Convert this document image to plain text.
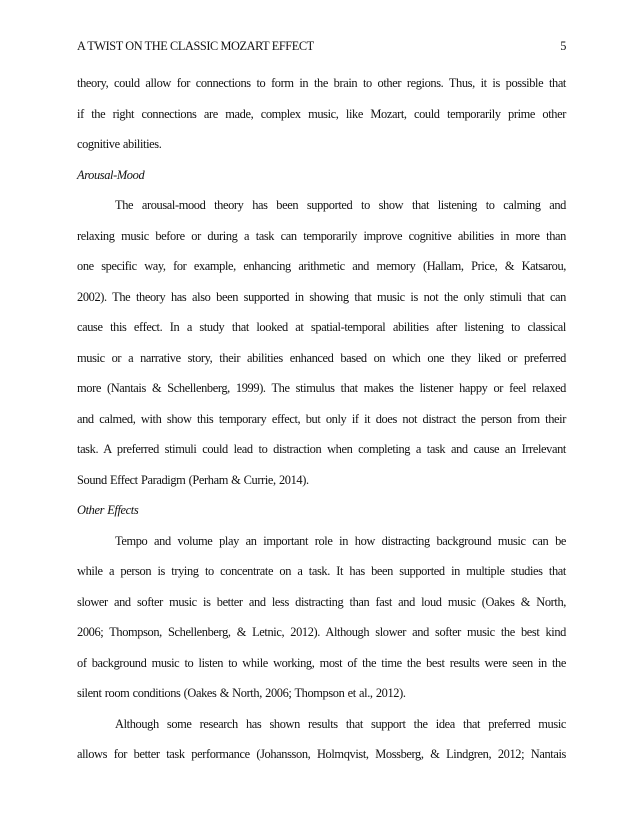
A TWIST ON THE CLASSIC MOZART EFFECT	5
theory, could allow for connections to form in the brain to other regions. Thus, it is possible that
if the right connections are made, complex music, like Mozart, could temporarily prime other
cognitive abilities.
Arousal-Mood
The arousal-mood theory has been supported to show that listening to calming and
relaxing music before or during a task can temporarily improve cognitive abilities in more than
one specific way, for example, enhancing arithmetic and memory (Hallam, Price, & Katsarou,
2002). The theory has also been supported in showing that music is not the only stimuli that can
cause this effect. In a study that looked at spatial-temporal abilities after listening to classical
music or a narrative story, their abilities enhanced based on which one they liked or preferred
more (Nantais & Schellenberg, 1999). The stimulus that makes the listener happy or feel relaxed
and calmed, with show this temporary effect, but only if it does not distract the person from their
task. A preferred stimuli could lead to distraction when completing a task and cause an Irrelevant
Sound Effect Paradigm (Perham & Currie, 2014).
Other Effects
Tempo and volume play an important role in how distracting background music can be
while a person is trying to concentrate on a task. It has been supported in multiple studies that
slower and softer music is better and less distracting than fast and loud music (Oakes & North,
2006; Thompson, Schellenberg, & Letnic, 2012). Although slower and softer music the best kind
of background music to listen to while working, most of the time the best results were seen in the
silent room conditions (Oakes & North, 2006; Thompson et al., 2012).
Although some research has shown results that support the idea that preferred music
allows for better task performance (Johansson, Holmqvist, Mossberg, & Lindgren, 2012; Nantais
